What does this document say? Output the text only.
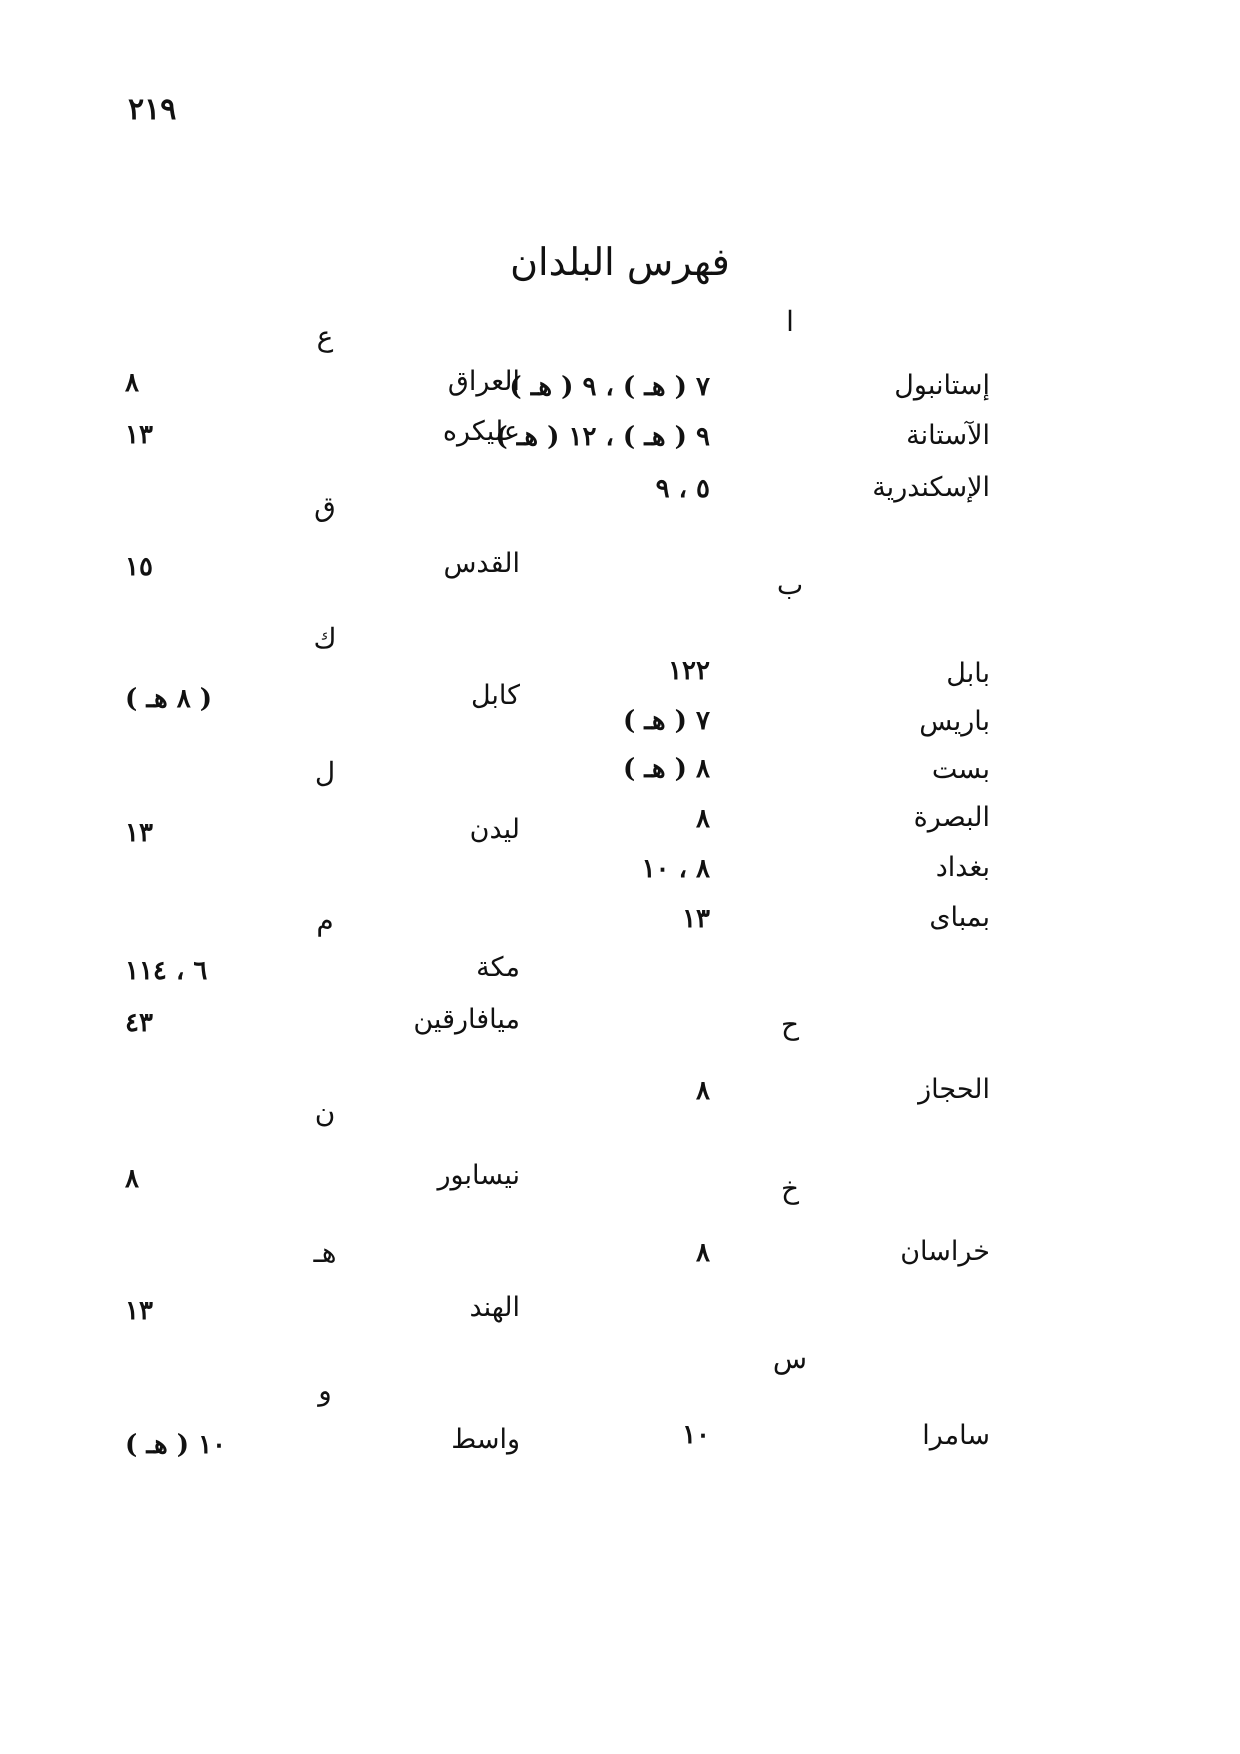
٢١٩
فهرس البلدان
ا
إستانبول
٧ ( هـ ) ، ٩ ( هـ )
الآستانة
٩ ( هـ ) ، ١٢ ( هـ )
الإسكندرية
٥ ، ٩
ب
بابل
١٢٢
باريس
٧ ( هـ )
بست
٨ ( هـ )
البصرة
٨
بغداد
٨ ، ١٠
بمباى
١٣
ح
الحجاز
٨
خ
خراسان
٨
س
سامرا
١٠
ع
العراق
٨
عليكره
١٣
ق
القدس
١٥
ك
كابل
( ٨ هـ )
ل
ليدن
١٣
م
مكة
٦ ، ١١٤
ميافارقين
٤٣
ن
نيسابور
٨
هـ
الهند
١٣
و
واسط
١٠ ( هـ )
